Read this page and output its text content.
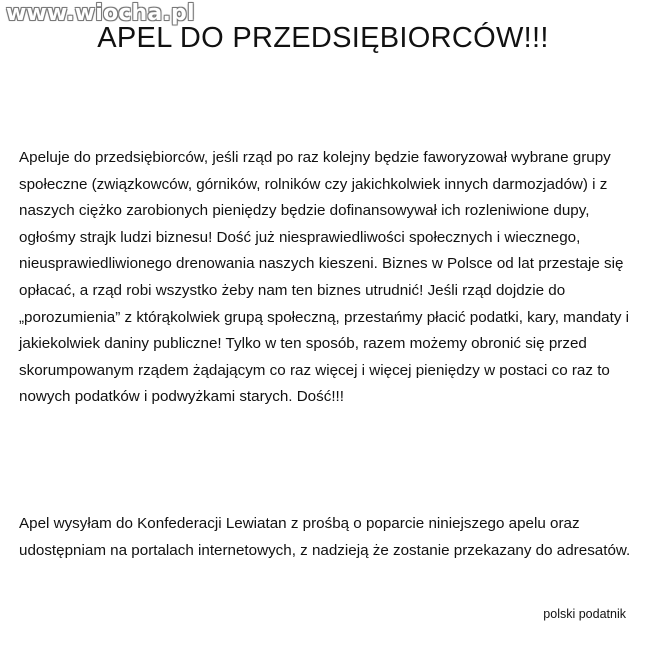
www.wiocha.pl
APEL DO PRZEDSIĘBIORCÓW!!!

Apeluje do przedsiębiorców, jeśli rząd po raz kolejny będzie faworyzował wybrane grupy społeczne (związkowców, górników, rolników czy jakichkolwiek innych darmozjadów) i z naszych ciężko zarobionych pieniędzy będzie dofinansowywał ich rozleniwione dupy, ogłośmy strajk ludzi biznesu! Dość już niesprawiedliwości społecznych i wiecznego, nieusprawiedliwionego drenowania naszych kieszeni. Biznes w Polsce od lat przestaje się opłacać, a rząd robi wszystko żeby nam ten biznes utrudnić! Jeśli rząd dojdzie do „porozumienia” z którąkolwiek grupą społeczną, przestańmy płacić podatki, kary, mandaty i jakiekolwiek daniny publiczne! Tylko w ten sposób, razem możemy obronić się przed skorumpowanym rządem żądającym co raz więcej i więcej pieniędzy w postaci co raz to nowych podatków i podwyżkami starych. Dość!!!

Apel wysyłam do Konfederacji Lewiatan z prośbą o poparcie niniejszego apelu oraz udostępniam na portalach internetowych, z nadzieją że zostanie przekazany do adresatów.

polski podatnik
